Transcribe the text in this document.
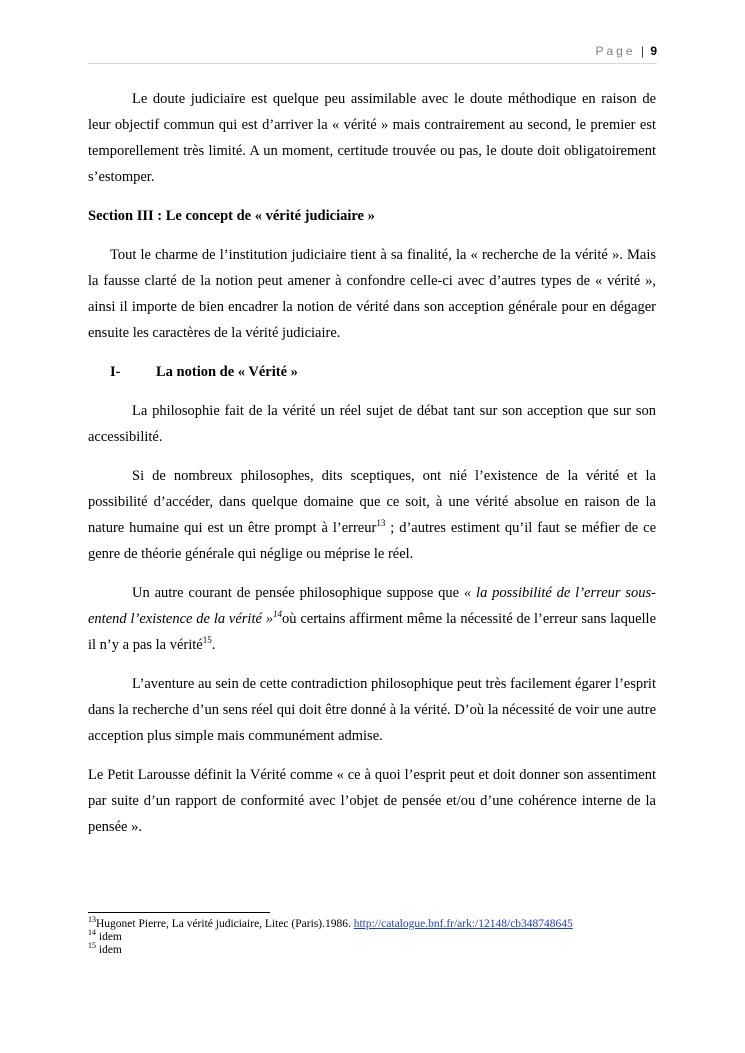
Page | 9

Le doute judiciaire est quelque peu assimilable avec le doute méthodique en raison de leur objectif commun qui est d’arriver la « vérité » mais contrairement au second, le premier est temporellement très limité. A un moment, certitude trouvée ou pas, le doute doit obligatoirement s’estomper.

Section III : Le concept de « vérité judiciaire »

Tout le charme de l’institution judiciaire tient à sa finalité, la « recherche de la vérité ». Mais la fausse clarté de la notion peut amener à confondre celle-ci avec d’autres types de « vérité », ainsi il importe de bien encadrer la notion de vérité dans son acception générale pour en dégager ensuite les caractères de la vérité judiciaire.

I- La notion de « Vérité »

La philosophie fait de la vérité un réel sujet de débat tant sur son acception que sur son accessibilité.

Si de nombreux philosophes, dits sceptiques, ont nié l’existence de la vérité et la possibilité d’accéder, dans quelque domaine que ce soit, à une vérité absolue en raison de la nature humaine qui est un être prompt à l’erreur$^{13}$ ; d’autres estiment qu’il faut se méfier de ce genre de théorie générale qui néglige ou méprise le réel.

Un autre courant de pensée philosophique suppose que « la possibilité de l’erreur sous-entend l’existence de la vérité »$^{14}$où certains affirment même la nécessité de l’erreur sans laquelle il n’y a pas la vérité$^{15}$.

L’aventure au sein de cette contradiction philosophique peut très facilement égarer l’esprit dans la recherche d’un sens réel qui doit être donné à la vérité. D’où la nécessité de voir une autre acception plus simple mais communément admise.

Le Petit Larousse définit la Vérité comme « ce à quoi l’esprit peut et doit donner son assentiment par suite d’un rapport de conformité avec l’objet de pensée et/ou d’une cohérence interne de la pensée ».

$^{13}$Hugonet Pierre, La vérité judiciaire, Litec (Paris).1986. http://catalogue.bnf.fr/ark:/12148/cb348748645
$^{14}$ idem
$^{15}$ idem
